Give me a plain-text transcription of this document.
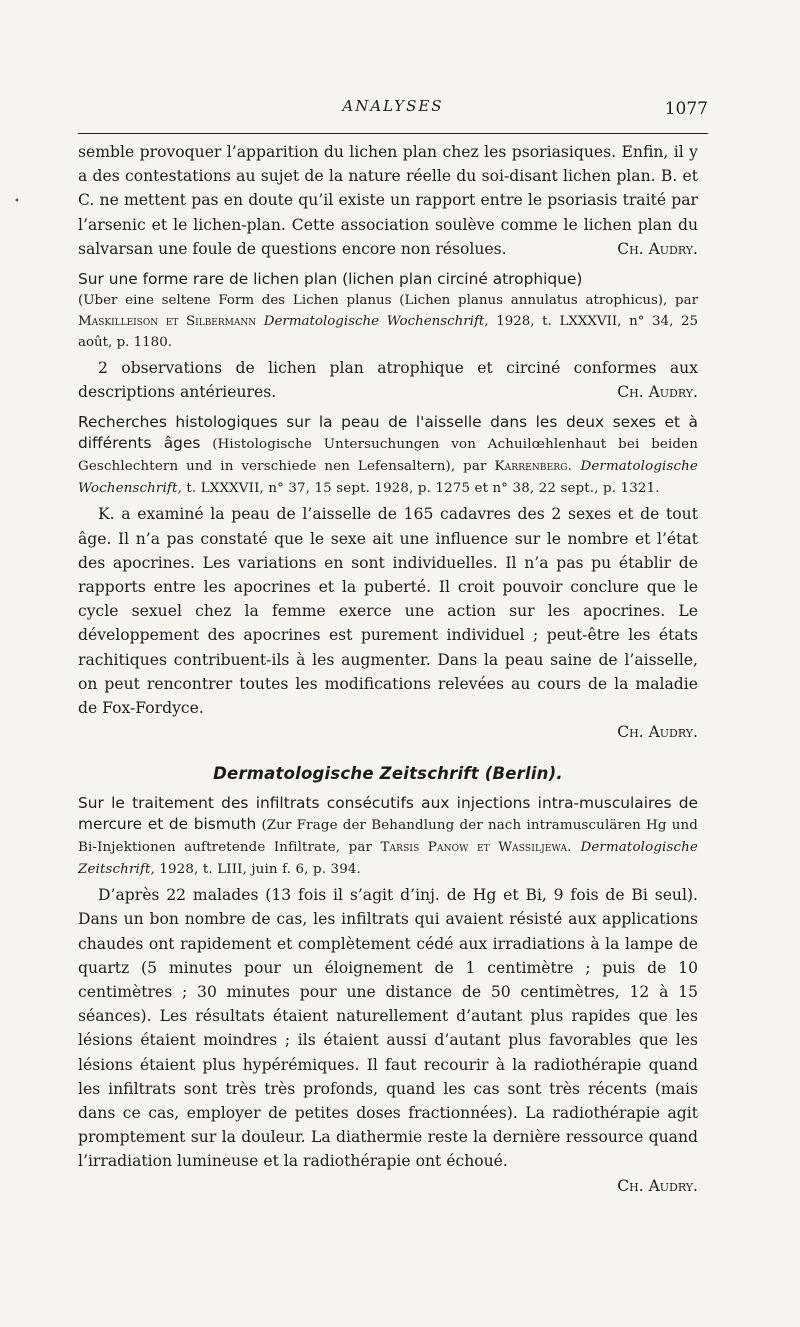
ANALYSES	1077
•

semble provoquer l’apparition du lichen plan chez les psoriasiques. Enfin, il y a des contestations au sujet de la nature réelle du soi-disant lichen plan. B. et C. ne mettent pas en doute qu’il existe un rapport entre le psoriasis traité par l’arsenic et le lichen-plan. Cette association soulève comme le lichen plan du salvarsan une foule de questions encore non résolues.	Ch. Audry.

Sur une forme rare de lichen plan (lichen plan circiné atrophique)
(Uber eine seltene Form des Lichen planus (Lichen planus annulatus atrophicus), par Maskilleison et Silbermann Dermatologische Wochenschrift, 1928, t. LXXXVII, n° 34, 25 août, p. 1180.

2 observations de lichen plan atrophique et circiné conformes aux descriptions antérieures.	Ch. Audry.

Recherches histologiques sur la peau de l'aisselle dans les deux sexes et à différents âges (Histologische Untersuchungen von Achuilœhlenhaut bei beiden Geschlechtern und in verschiede nen Lefensaltern), par Karrenberg. Dermatologische Wochenschrift, t. LXXXVII, n° 37, 15 sept. 1928, p. 1275 et n° 38, 22 sept., p. 1321.

K. a examiné la peau de l’aisselle de 165 cadavres des 2 sexes et de tout âge. Il n’a pas constaté que le sexe ait une influence sur le nombre et l’état des apocrines. Les variations en sont individuelles. Il n’a pas pu établir de rapports entre les apocrines et la puberté. Il croit pouvoir conclure que le cycle sexuel chez la femme exerce une action sur les apocrines. Le développement des apocrines est purement individuel ; peut-être les états rachitiques contribuent-ils à les augmenter. Dans la peau saine de l’aisselle, on peut rencontrer toutes les modifications relevées au cours de la maladie de Fox-Fordyce.

Ch. Audry.
Dermatologische Zeitschrift (Berlin).
Sur le traitement des infiltrats consécutifs aux injections intra-musculaires de mercure et de bismuth (Zur Frage der Behandlung der nach intramusculären Hg und Bi-Injektionen auftretende Infiltrate, par Tarsis Panow et Wassiljewa. Dermatologische Zeitschrift, 1928, t. LIII, juin f. 6, p. 394.

D’après 22 malades (13 fois il s’agit d’inj. de Hg et Bi, 9 fois de Bi seul). Dans un bon nombre de cas, les infiltrats qui avaient résisté aux applications chaudes ont rapidement et complètement cédé aux irradiations à la lampe de quartz (5 minutes pour un éloignement de 1 centimètre ; puis de 10 centimètres ; 30 minutes pour une distance de 50 centimètres, 12 à 15 séances). Les résultats étaient naturellement d’autant plus rapides que les lésions étaient moindres ; ils étaient aussi d’autant plus favorables que les lésions étaient plus hypérémiques. Il faut recourir à la radiothérapie quand les infiltrats sont très très profonds, quand les cas sont très récents (mais dans ce cas, employer de petites doses fractionnées). La radiothérapie agit promptement sur la douleur. La diathermie reste la dernière ressource quand l’irradiation lumineuse et la radiothérapie ont échoué.

Ch. Audry.
